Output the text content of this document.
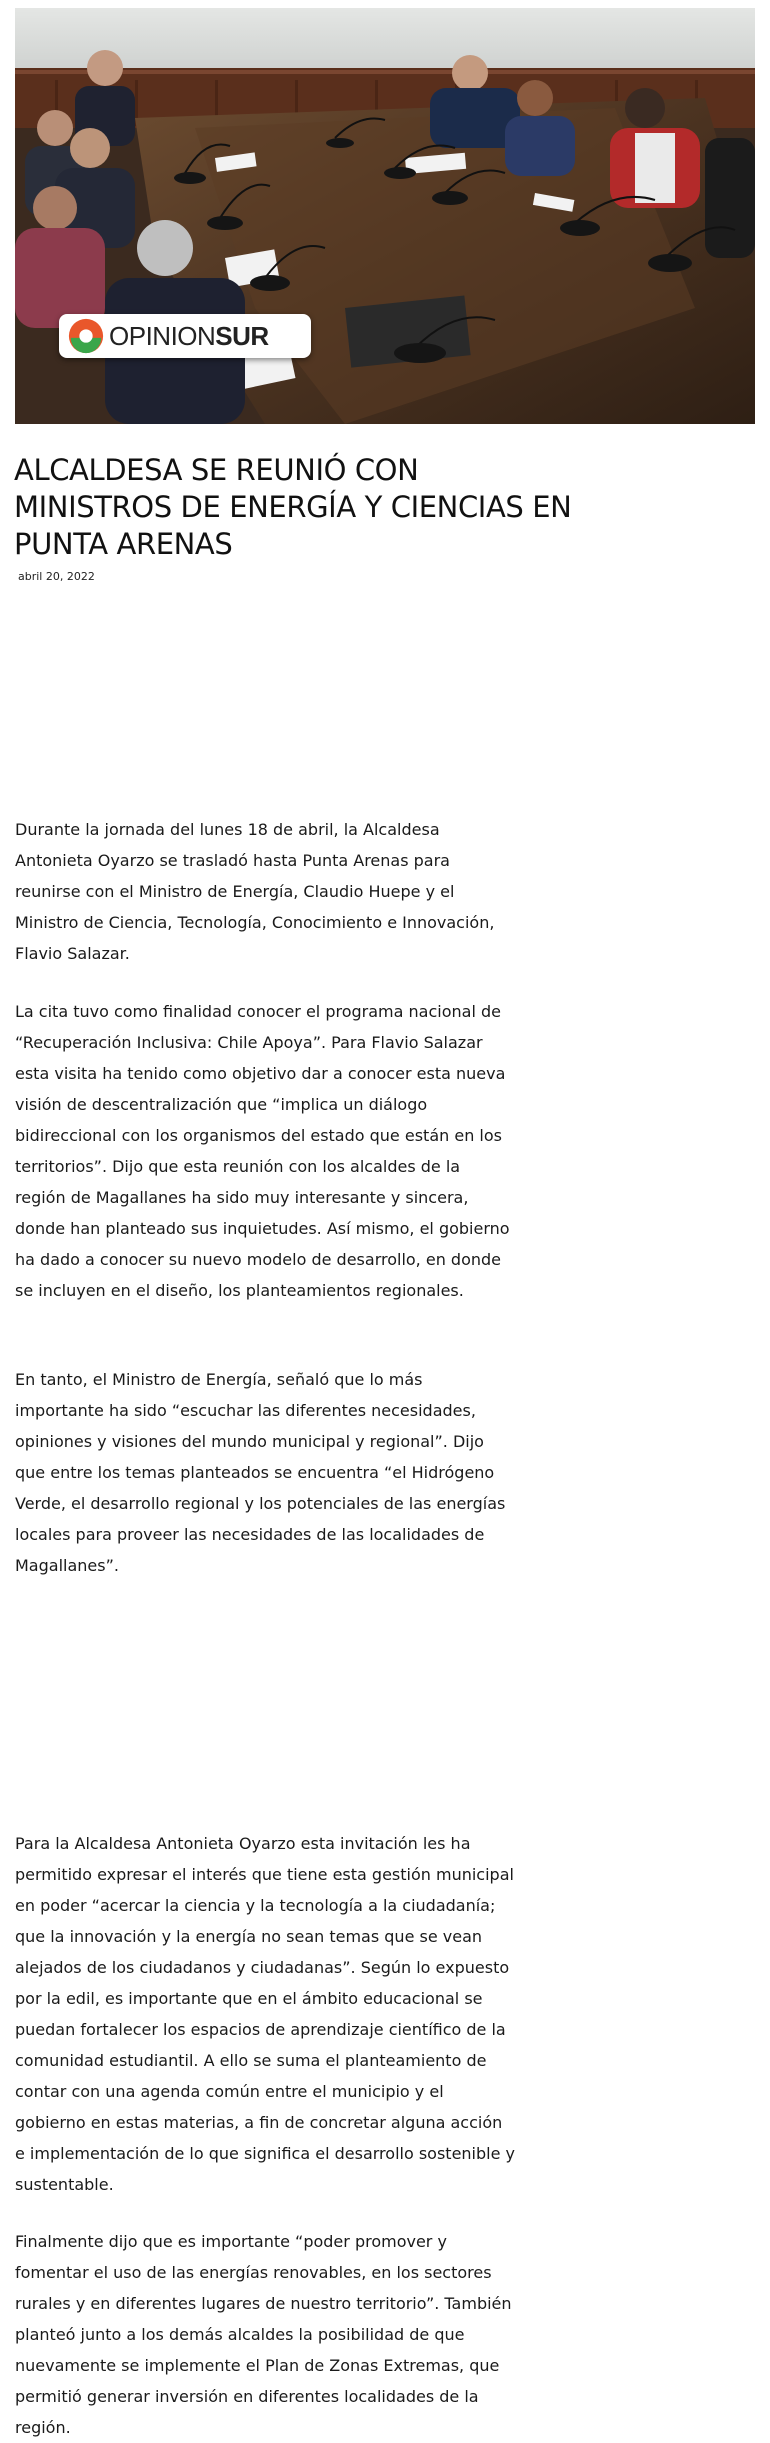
OPINIONSUR
ALCALDESA SE REUNIÓ CON MINISTROS DE ENERGÍA Y CIENCIAS EN PUNTA ARENAS
abril 20, 2022

Durante la jornada del lunes 18 de abril, la Alcaldesa Antonieta Oyarzo se trasladó hasta Punta Arenas para reunirse con el Ministro de Energía, Claudio Huepe y el Ministro de Ciencia, Tecnología, Conocimiento e Innovación, Flavio Salazar.

La cita tuvo como finalidad conocer el programa nacional de “Recuperación Inclusiva: Chile Apoya”. Para Flavio Salazar esta visita ha tenido como objetivo dar a conocer esta nueva visión de descentralización que “implica un diálogo bidireccional con los organismos del estado que están en los territorios”. Dijo que esta reunión con los alcaldes de la región de Magallanes ha sido muy interesante y sincera, donde han planteado sus inquietudes. Así mismo, el gobierno ha dado a conocer su nuevo modelo de desarrollo, en donde se incluyen en el diseño, los planteamientos regionales.

En tanto, el Ministro de Energía, señaló que lo más importante ha sido “escuchar las diferentes necesidades, opiniones y visiones del mundo municipal y regional”. Dijo que entre los temas planteados se encuentra “el Hidrógeno Verde, el desarrollo regional y los potenciales de las energías locales para proveer las necesidades de las localidades de Magallanes”.

Para la Alcaldesa Antonieta Oyarzo esta invitación les ha permitido expresar el interés que tiene esta gestión municipal en poder “acercar la ciencia y la tecnología a la ciudadanía; que la innovación y la energía no sean temas que se vean alejados de los ciudadanos y ciudadanas”. Según lo expuesto por la edil, es importante que en el ámbito educacional se puedan fortalecer los espacios de aprendizaje científico de la comunidad estudiantil. A ello se suma el planteamiento de contar con una agenda común entre el municipio y el gobierno en estas materias, a fin de concretar alguna acción e implementación de lo que significa el desarrollo sostenible y sustentable.

Finalmente dijo que es importante “poder promover y fomentar el uso de las energías renovables, en los sectores rurales y en diferentes lugares de nuestro territorio”. También planteó junto a los demás alcaldes la posibilidad de que nuevamente se implemente el Plan de Zonas Extremas, que permitió generar inversión en diferentes localidades de la región.
